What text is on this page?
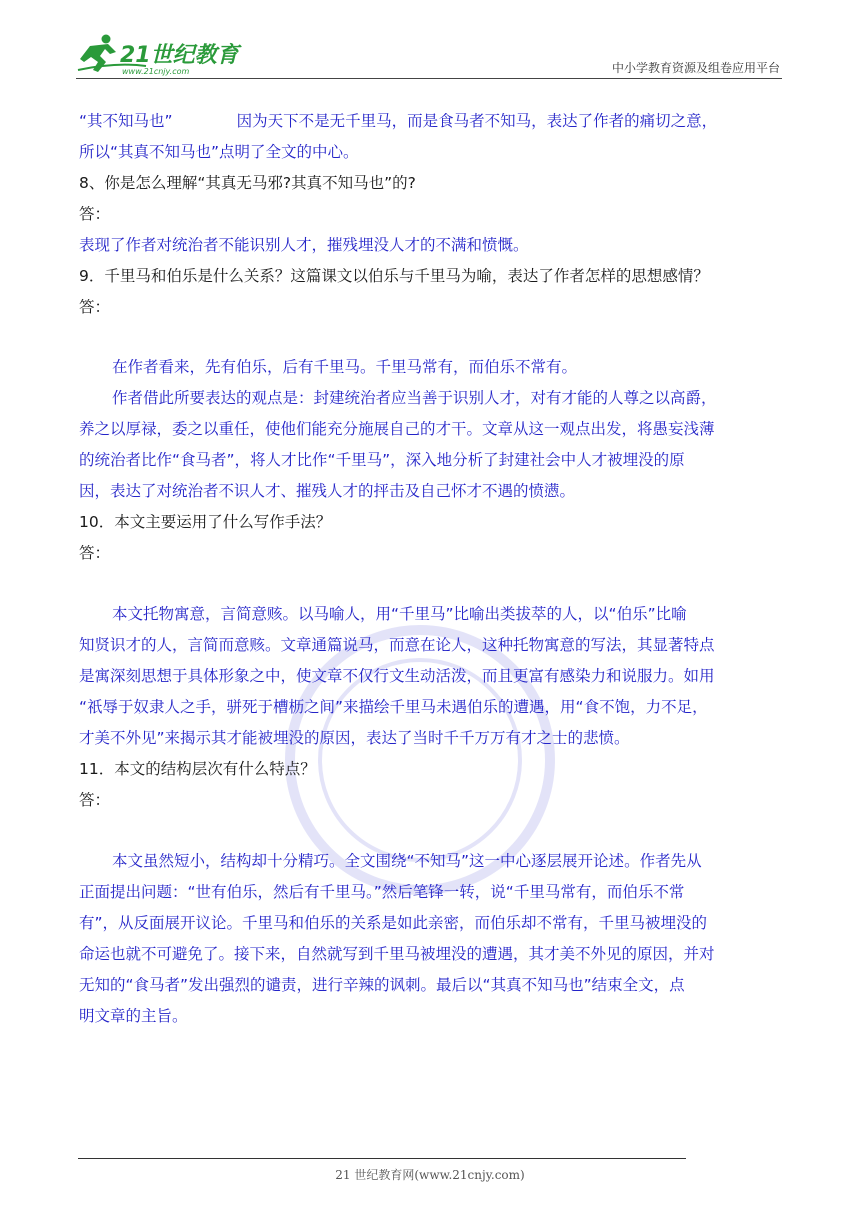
21世纪教育
www.21cnjy.com	中小学教育资源及组卷应用平台
“其不知马也”	因为天下不是无千里马，而是食马者不知马，表达了作者的痛切之意，
所以“其真不知马也”点明了全文的中心。
8、你是怎么理解“其真无马邪?其真不知马也”的?
答：
表现了作者对统治者不能识别人才，摧残埋没人才的不满和愤慨。
9．千里马和伯乐是什么关系？这篇课文以伯乐与千里马为喻，表达了作者怎样的思想感情？
答：
在作者看来，先有伯乐，后有千里马。千里马常有，而伯乐不常有。
作者借此所要表达的观点是：封建统治者应当善于识别人才，对有才能的人尊之以高爵，
养之以厚禄，委之以重任，使他们能充分施展自己的才干。文章从这一观点出发，将愚妄浅薄
的统治者比作“食马者”，将人才比作“千里马”，深入地分析了封建社会中人才被埋没的原
因，表达了对统治者不识人才、摧残人才的抨击及自己怀才不遇的愤懑。
10．本文主要运用了什么写作手法？
答：
本文托物寓意，言简意赅。以马喻人，用“千里马”比喻出类拔萃的人，以“伯乐”比喻
知贤识才的人，言简而意赅。文章通篇说马，而意在论人，这种托物寓意的写法，其显著特点
是寓深刻思想于具体形象之中，使文章不仅行文生动活泼，而且更富有感染力和说服力。如用
“祇辱于奴隶人之手，骈死于槽枥之间”来描绘千里马未遇伯乐的遭遇，用“食不饱，力不足，
才美不外见”来揭示其才能被埋没的原因，表达了当时千千万万有才之士的悲愤。
11．本文的结构层次有什么特点？
答：
本文虽然短小，结构却十分精巧。全文围绕“不知马”这一中心逐层展开论述。作者先从
正面提出问题：“世有伯乐，然后有千里马。”然后笔锋一转，说“千里马常有，而伯乐不常
有”，从反面展开议论。千里马和伯乐的关系是如此亲密，而伯乐却不常有，千里马被埋没的
命运也就不可避免了。接下来，自然就写到千里马被埋没的遭遇，其才美不外见的原因，并对
无知的“食马者”发出强烈的谴责，进行辛辣的讽刺。最后以“其真不知马也”结束全文，点
明文章的主旨。
21 世纪教育网(www.21cnjy.com)
